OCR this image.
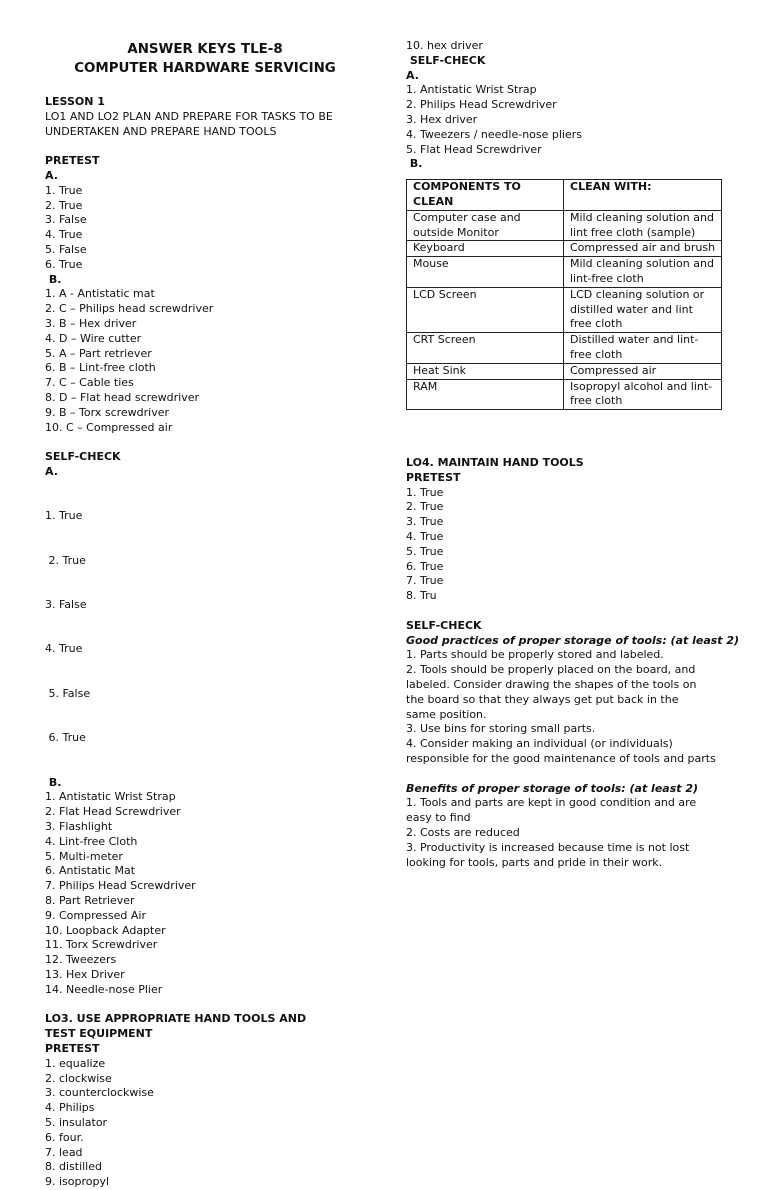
ANSWER KEYS TLE-8
COMPUTER HARDWARE SERVICING
LESSON 1
LO1 AND LO2 PLAN AND PREPARE FOR TASKS TO BE UNDERTAKEN AND PREPARE HAND TOOLS
PRETEST
A.
1. True
2. True
3. False
4. True
5. False
6. True
B.
1. A - Antistatic mat
2. C – Philips head screwdriver
3. B – Hex driver
4. D – Wire cutter
5. A – Part retriever
6. B – Lint-free cloth
7. C – Cable ties
8. D – Flat head screwdriver
9. B – Torx screwdriver
10. C – Compressed air
SELF-CHECK
A.

1. True

2. True

3. False

4. True

5. False

6. True

B.
1. Antistatic Wrist Strap
2. Flat Head Screwdriver
3. Flashlight
4. Lint-free Cloth
5. Multi-meter
6. Antistatic Mat
7. Philips Head Screwdriver
8. Part Retriever
9. Compressed Air
10. Loopback Adapter
11. Torx Screwdriver
12. Tweezers
13. Hex Driver
14. Needle-nose Plier
LO3. USE APPROPRIATE HAND TOOLS AND TEST EQUIPMENT
PRETEST
1. equalize
2. clockwise
3. counterclockwise
4. Philips
5. insulator
6. four.
7. lead
8. distilled
9. isopropyl
10. hex driver
SELF-CHECK
A.
1. Antistatic Wrist Strap
2. Philips Head Screwdriver
3. Hex driver
4. Tweezers / needle-nose pliers
5. Flat Head Screwdriver
B.
COMPONENTS TO CLEAN	CLEAN WITH:
Computer case and outside Monitor	Mild cleaning solution and lint free cloth (sample)
Keyboard	Compressed air and brush
Mouse	Mild cleaning solution and lint-free cloth
LCD Screen	LCD cleaning solution or distilled water and lint free cloth
CRT Screen	Distilled water and lint-free cloth
Heat Sink	Compressed air
RAM	Isopropyl alcohol and lint-free cloth
LO4. MAINTAIN HAND TOOLS
PRETEST
1. True
2. True
3. True
4. True
5. True
6. True
7. True
8. Tru
SELF-CHECK
Good practices of proper storage of tools: (at least 2)
1. Parts should be properly stored and labeled.
2. Tools should be properly placed on the board, and labeled. Consider drawing the shapes of the tools on the board so that they always get put back in the same position.
3. Use bins for storing small parts.
4. Consider making an individual (or individuals) responsible for the good maintenance of tools and parts
Benefits of proper storage of tools: (at least 2)
1. Tools and parts are kept in good condition and are easy to find
2. Costs are reduced
3. Productivity is increased because time is not lost looking for tools, parts and pride in their work.
